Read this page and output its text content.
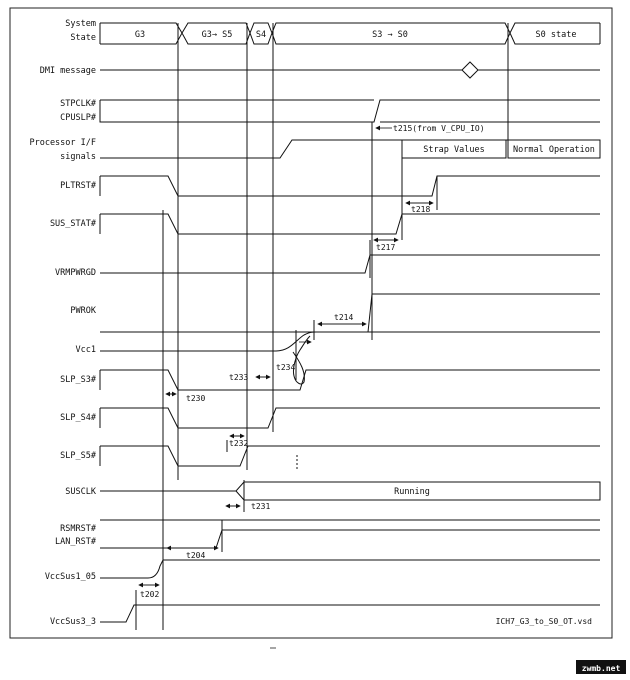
System
State
DMI message
STPCLK#
CPUSLP#
Processor I/F
signals
PLTRST#
SUS_STAT#
VRMPWRGD
PWROK
Vcc1
SLP_S3#
SLP_S4#
SLP_S5#
SUSCLK
RSMRST#
LAN_RST#
VccSus1_05
VccSus3_3
G3	G3→ S5	S4	S3 → S0	S0 state
Strap Values	Normal Operation
Running
t215(from V_CPU_IO)
t218
t217
t214
t234
t233
t230
t232
t231
t204
t202
ICH7_G3_to_S0_OT.vsd
zwmb.net
